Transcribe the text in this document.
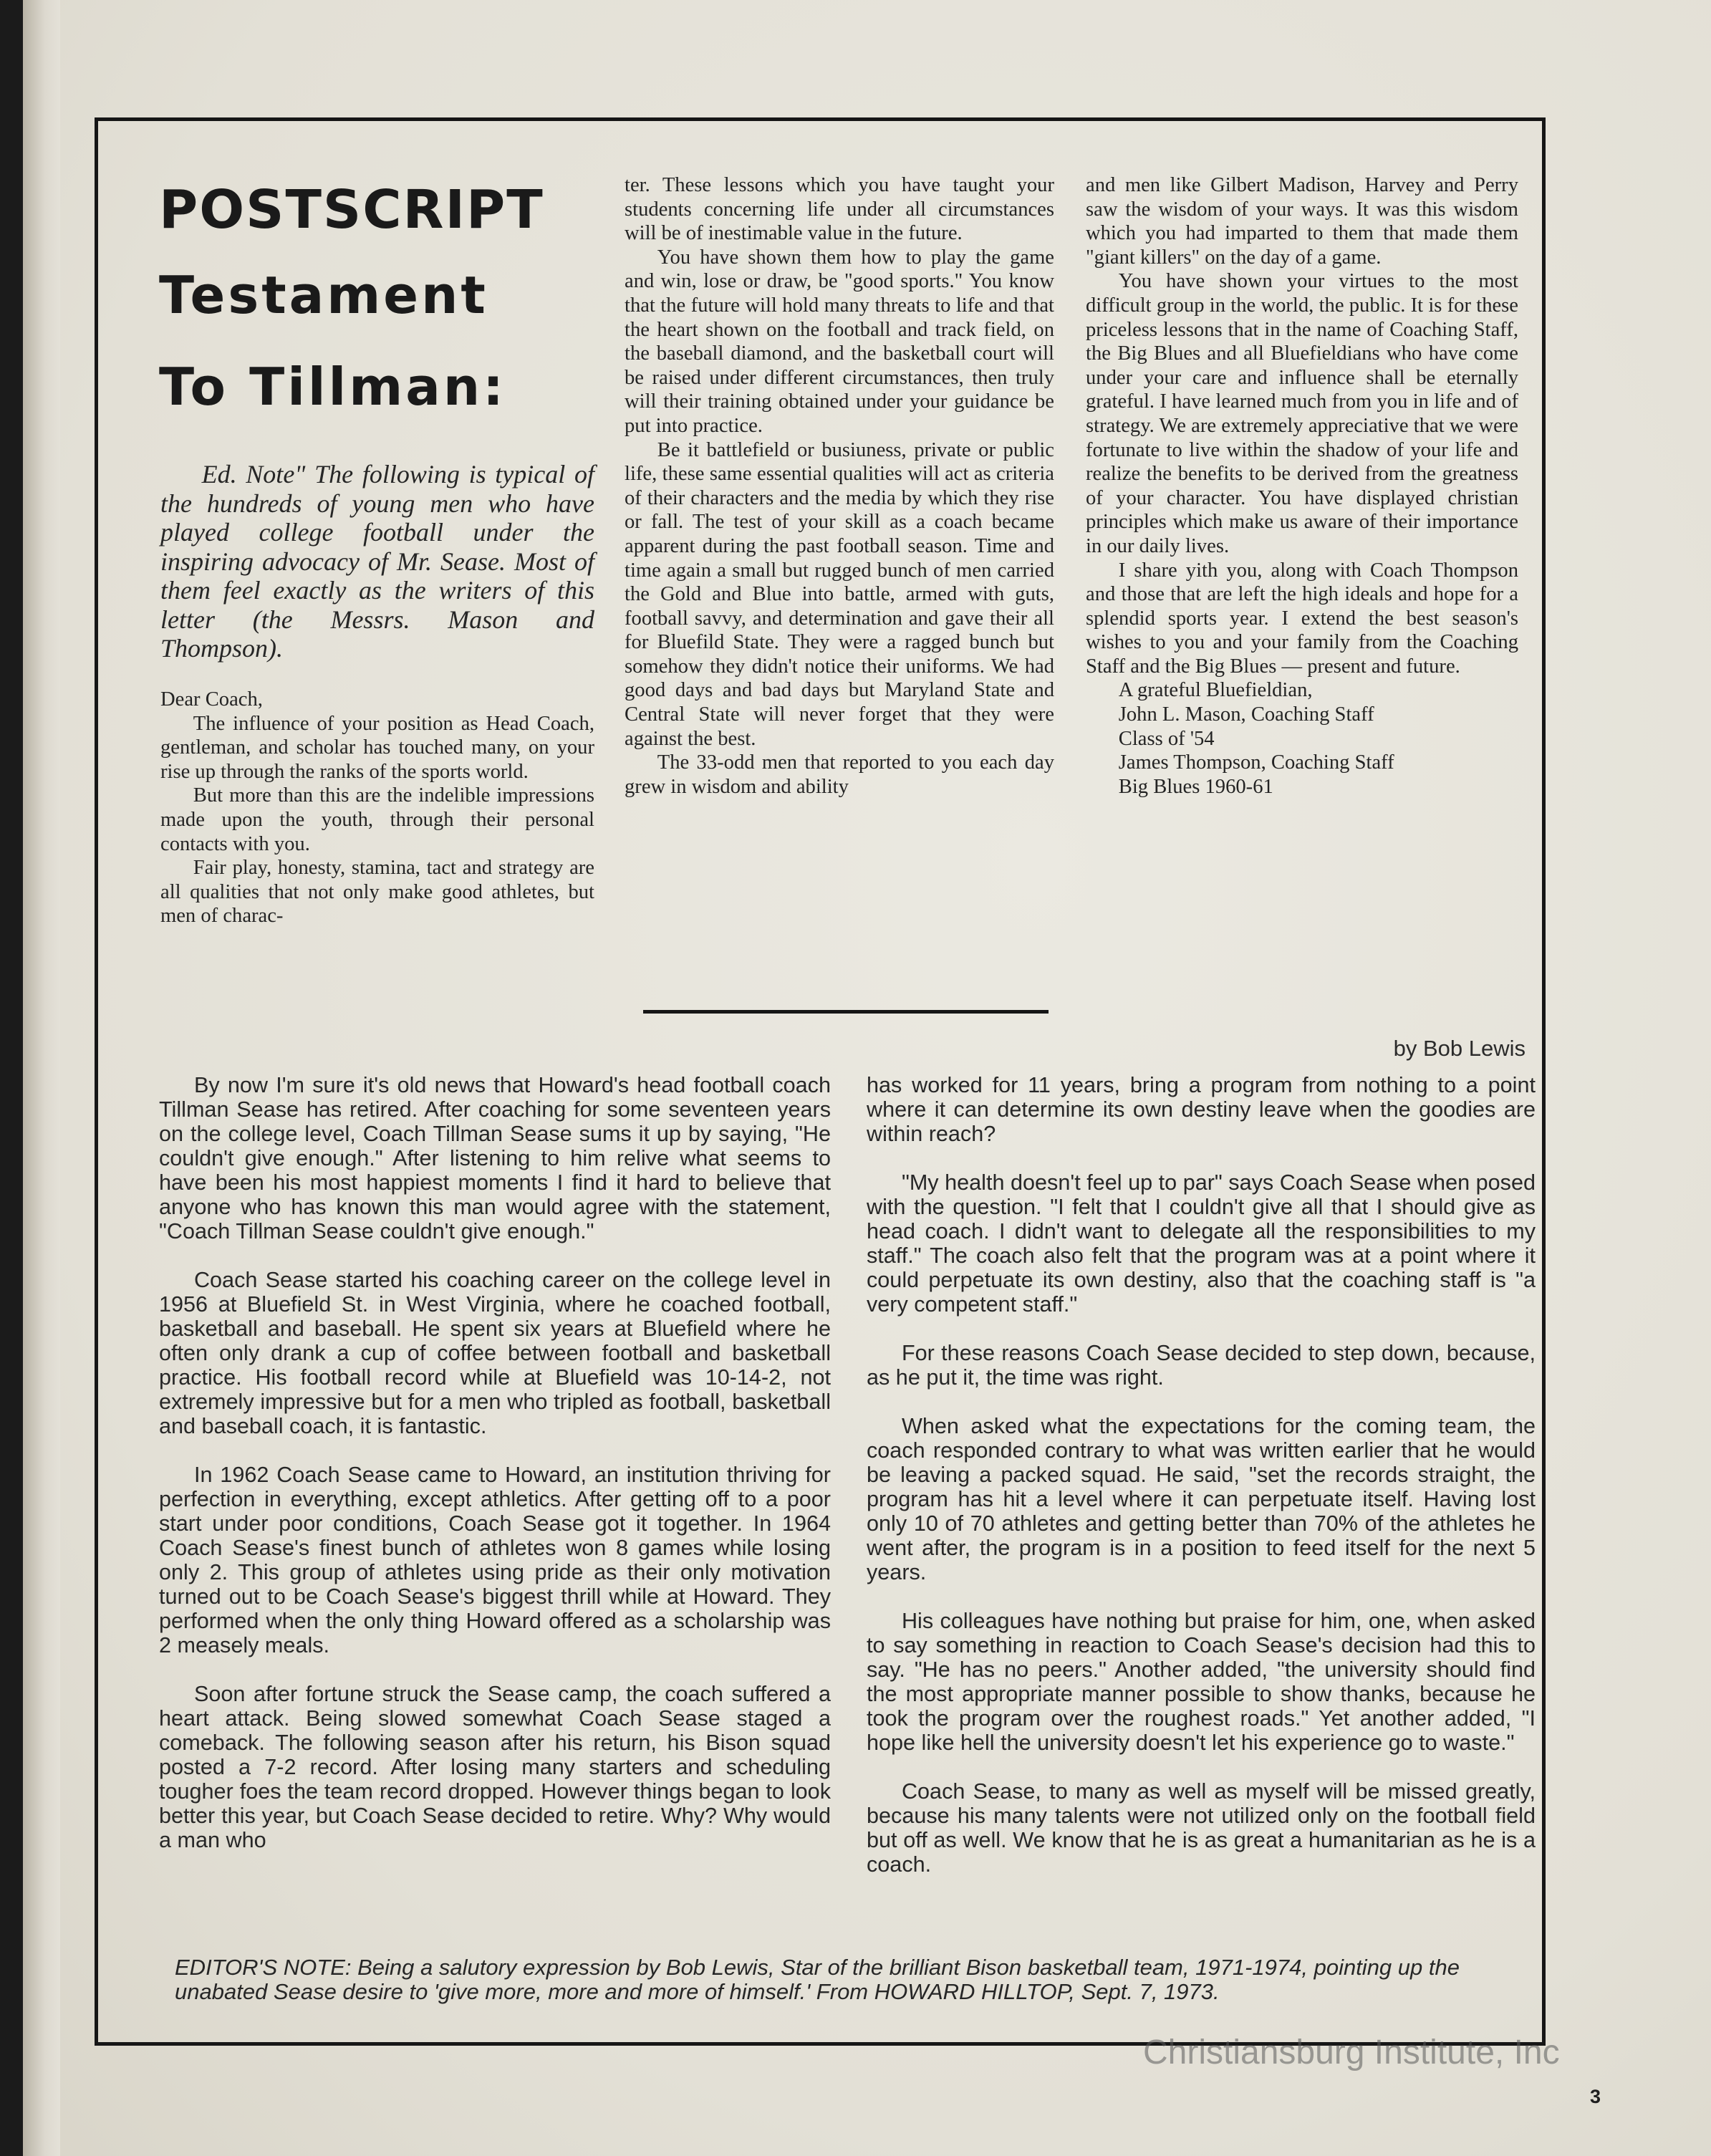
POSTSCRIPT
Testament
To Tillman:

Ed. Note" The following is typical of the hundreds of young men who have played college football under the inspiring advocacy of Mr. Sease. Most of them feel exactly as the writers of this letter (the Messrs. Mason and Thompson).

Dear Coach,

The influence of your position as Head Coach, gentleman, and scholar has touched many, on your rise up through the ranks of the sports world.

But more than this are the indelible impressions made upon the youth, through their personal contacts with you.

Fair play, honesty, stamina, tact and strategy are all qualities that not only make good athletes, but men of charac-

ter. These lessons which you have taught your students concerning life under all circumstances will be of inestimable value in the future.

You have shown them how to play the game and win, lose or draw, be "good sports." You know that the future will hold many threats to life and that the heart shown on the football and track field, on the baseball diamond, and the basketball court will be raised under different circumstances, then truly will their training obtained under your guidance be put into practice.

Be it battlefield or busiuness, private or public life, these same essential qualities will act as criteria of their characters and the media by which they rise or fall. The test of your skill as a coach became apparent during the past football season. Time and time again a small but rugged bunch of men carried the Gold and Blue into battle, armed with guts, football savvy, and determination and gave their all for Bluefild State. They were a ragged bunch but somehow they didn't notice their uniforms. We had good days and bad days but Maryland State and Central State will never forget that they were against the best.

The 33-odd men that reported to you each day grew in wisdom and ability

and men like Gilbert Madison, Harvey and Perry saw the wisdom of your ways. It was this wisdom which you had imparted to them that made them "giant killers" on the day of a game.

You have shown your virtues to the most difficult group in the world, the public. It is for these priceless lessons that in the name of Coaching Staff, the Big Blues and all Bluefieldians who have come under your care and influence shall be eternally grateful. I have learned much from you in life and of strategy. We are extremely appreciative that we were fortunate to live within the shadow of your life and realize the benefits to be derived from the greatness of your character. You have displayed christian principles which make us aware of their importance in our daily lives.

I share yith you, along with Coach Thompson and those that are left the high ideals and hope for a splendid sports year. I extend the best season's wishes to you and your family from the Coaching Staff and the Big Blues — present and future.

A grateful Bluefieldian,

John L. Mason, Coaching Staff

Class of '54

James Thompson, Coaching Staff

Big Blues 1960-61

by Bob Lewis

By now I'm sure it's old news that Howard's head football coach Tillman Sease has retired. After coaching for some seventeen years on the college level, Coach Tillman Sease sums it up by saying, "He couldn't give enough." After listening to him relive what seems to have been his most happiest moments I find it hard to believe that anyone who has known this man would agree with the statement, "Coach Tillman Sease couldn't give enough."

Coach Sease started his coaching career on the college level in 1956 at Bluefield St. in West Virginia, where he coached football, basketball and baseball. He spent six years at Bluefield where he often only drank a cup of coffee between football and basketball practice. His football record while at Bluefield was 10-14-2, not extremely impressive but for a men who tripled as football, basketball and baseball coach, it is fantastic.

In 1962 Coach Sease came to Howard, an institution thriving for perfection in everything, except athletics. After getting off to a poor start under poor conditions, Coach Sease got it together. In 1964 Coach Sease's finest bunch of athletes won 8 games while losing only 2. This group of athletes using pride as their only motivation turned out to be Coach Sease's biggest thrill while at Howard. They performed when the only thing Howard offered as a scholarship was 2 measely meals.

Soon after fortune struck the Sease camp, the coach suffered a heart attack. Being slowed somewhat Coach Sease staged a comeback. The following season after his return, his Bison squad posted a 7-2 record. After losing many starters and scheduling tougher foes the team record dropped. However things began to look better this year, but Coach Sease decided to retire. Why? Why would a man who

has worked for 11 years, bring a program from nothing to a point where it can determine its own destiny leave when the goodies are within reach?

"My health doesn't feel up to par" says Coach Sease when posed with the question. "I felt that I couldn't give all that I should give as head coach. I didn't want to delegate all the responsibilities to my staff." The coach also felt that the program was at a point where it could perpetuate its own destiny, also that the coaching staff is "a very competent staff."

For these reasons Coach Sease decided to step down, because, as he put it, the time was right.

When asked what the expectations for the coming team, the coach responded contrary to what was written earlier that he would be leaving a packed squad. He said, "set the records straight, the program has hit a level where it can perpetuate itself. Having lost only 10 of 70 athletes and getting better than 70% of the athletes he went after, the program is in a position to feed itself for the next 5 years.

His colleagues have nothing but praise for him, one, when asked to say something in reaction to Coach Sease's decision had this to say. "He has no peers." Another added, "the university should find the most appropriate manner possible to show thanks, because he took the program over the roughest roads." Yet another added, "I hope like hell the university doesn't let his experience go to waste."

Coach Sease, to many as well as myself will be missed greatly, because his many talents were not utilized only on the football field but off as well. We know that he is as great a humanitarian as he is a coach.

EDITOR'S NOTE: Being a salutory expression by Bob Lewis, Star of the brilliant Bison basketball team, 1971-1974, pointing up the unabated Sease desire to 'give more, more and more of himself.' From HOWARD HILLTOP, Sept. 7, 1973.

Christiansburg Institute, Inc

3
